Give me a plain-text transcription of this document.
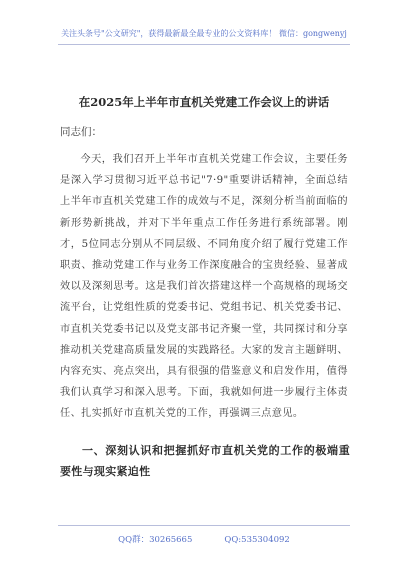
关注头条号"公文研究"，获得最新最全最专业的公文资料库！ 微信：gongwenyj
在2025年上半年市直机关党建工作会议上的讲话
同志们：

今天，我们召开上半年市直机关党建工作会议，主要任务是深入学习贯彻习近平总书记"7·9"重要讲话精神，全面总结上半年市直机关党建工作的成效与不足，深刻分析当前面临的新形势新挑战，并对下半年重点工作任务进行系统部署。刚才，5位同志分别从不同层级、不同角度介绍了履行党建工作职责、推动党建工作与业务工作深度融合的宝贵经验、显著成效以及深刻思考。这是我们首次搭建这样一个高规格的现场交流平台，让党组性质的党委书记、党组书记、机关党委书记、市直机关党委书记以及党支部书记齐聚一堂，共同探讨和分享推动机关党建高质量发展的实践路径。大家的发言主题鲜明、内容充实、亮点突出，具有很强的借鉴意义和启发作用，值得我们认真学习和深入思考。下面，我就如何进一步履行主体责任、扎实抓好市直机关党的工作，再强调三点意见。

一、深刻认识和把握抓好市直机关党的工作的极端重要性与现实紧迫性

QQ群：30265665	QQ:535304092
